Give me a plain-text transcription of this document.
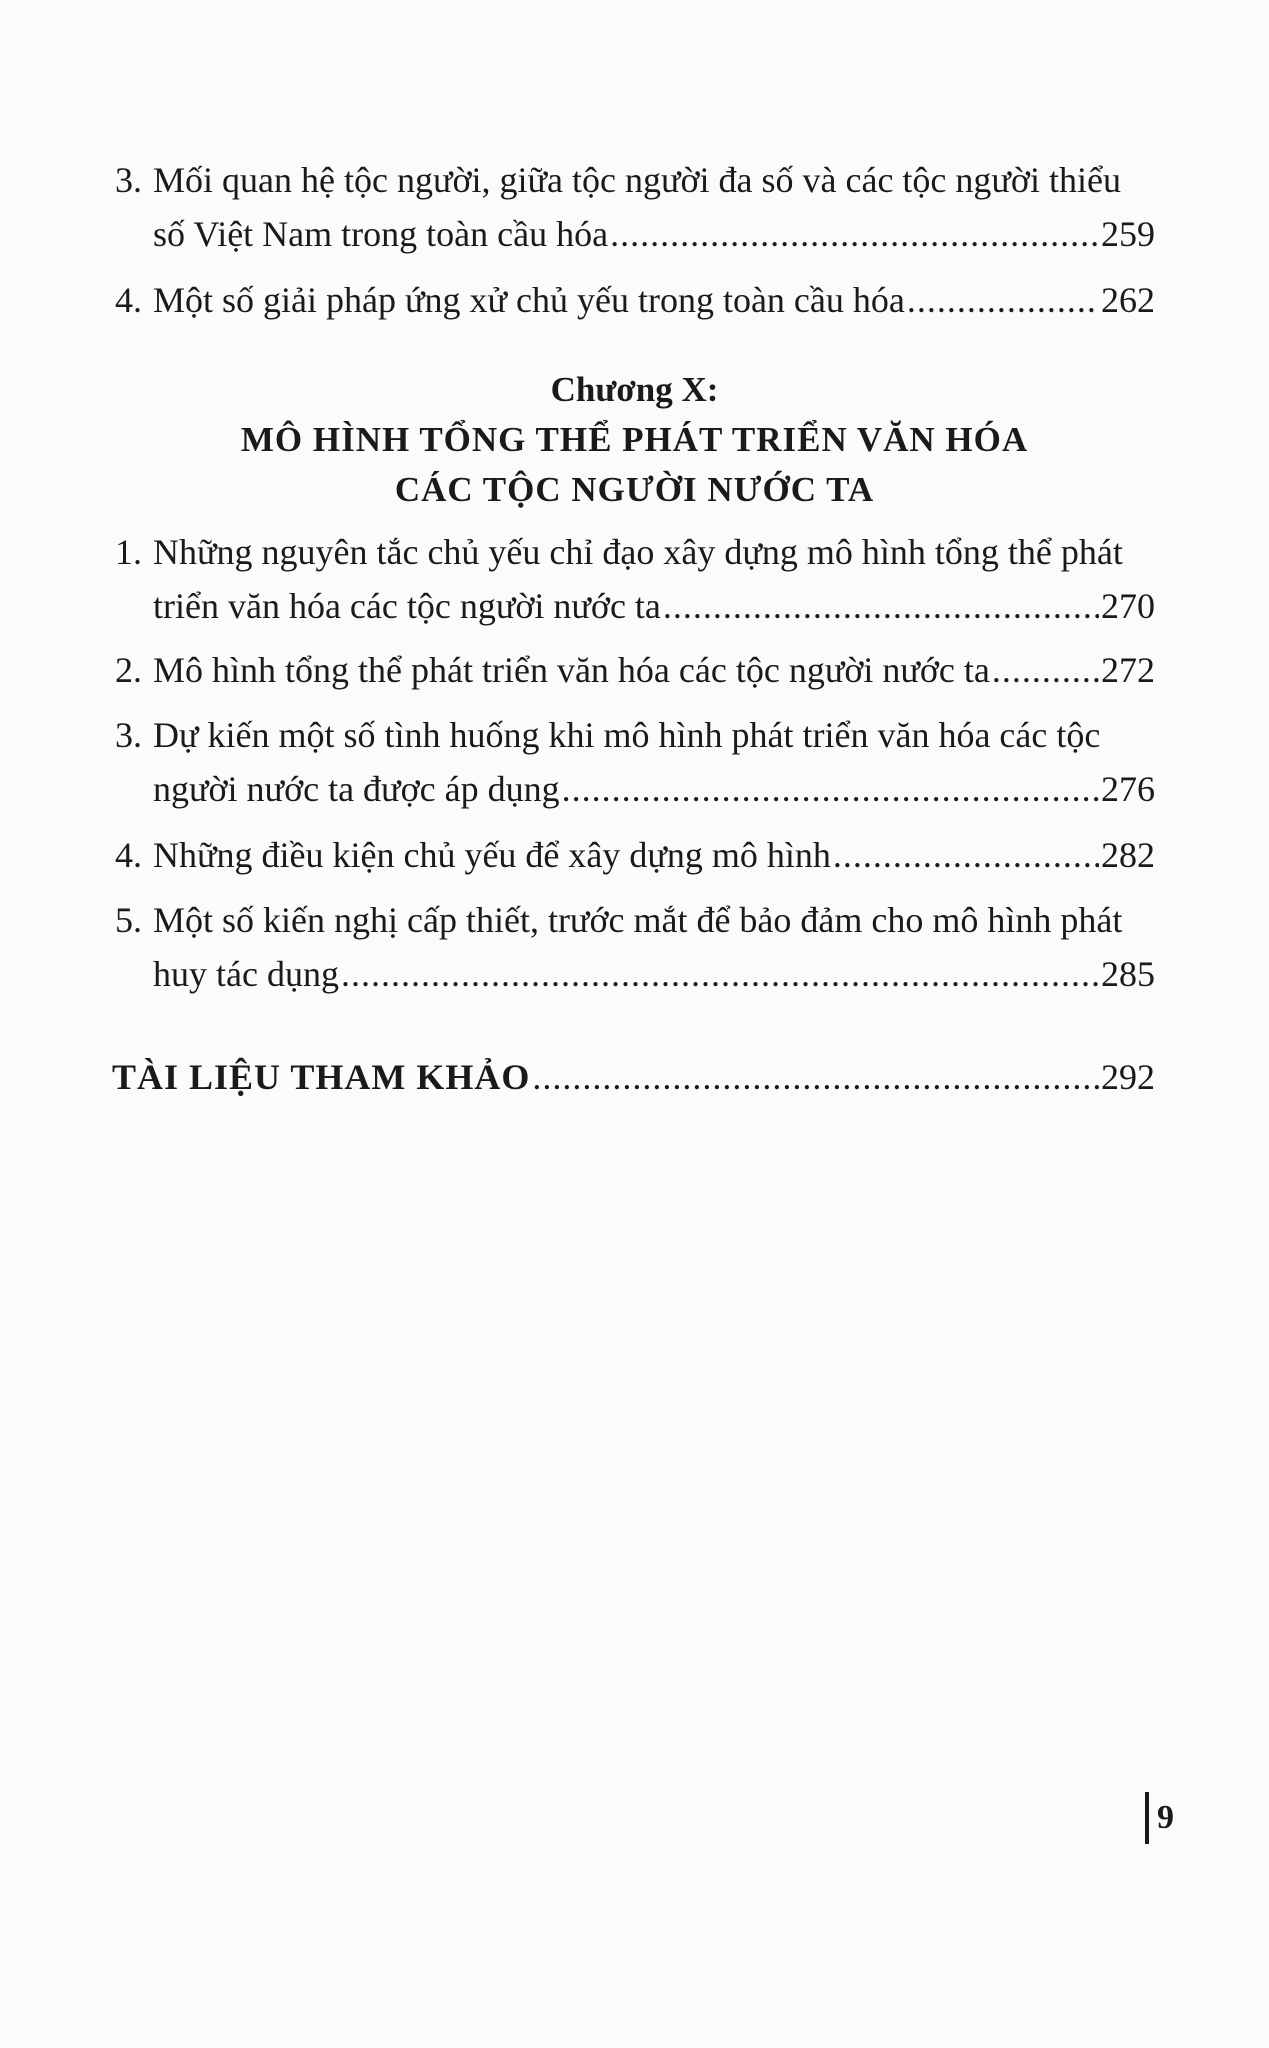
3. Mối quan hệ tộc người, giữa tộc người đa số và các tộc người thiểu
số Việt Nam trong toàn cầu hóa .....	259
4. Một số giải pháp ứng xử chủ yếu trong toàn cầu hóa .....	262
Chương X:
MÔ HÌNH TỔNG THỂ PHÁT TRIỂN VĂN HÓA
CÁC TỘC NGƯỜI NƯỚC TA
1. Những nguyên tắc chủ yếu chỉ đạo xây dựng mô hình tổng thể phát
triển văn hóa các tộc người nước ta .....	270
2. Mô hình tổng thể phát triển văn hóa các tộc người nước ta .....	272
3. Dự kiến một số tình huống khi mô hình phát triển văn hóa các tộc
người nước ta được áp dụng .....	276
4. Những điều kiện chủ yếu để xây dựng mô hình .....	282
5. Một số kiến nghị cấp thiết, trước mắt để bảo đảm cho mô hình phát
huy tác dụng .....	285
TÀI LIỆU THAM KHẢO .....	292
9
